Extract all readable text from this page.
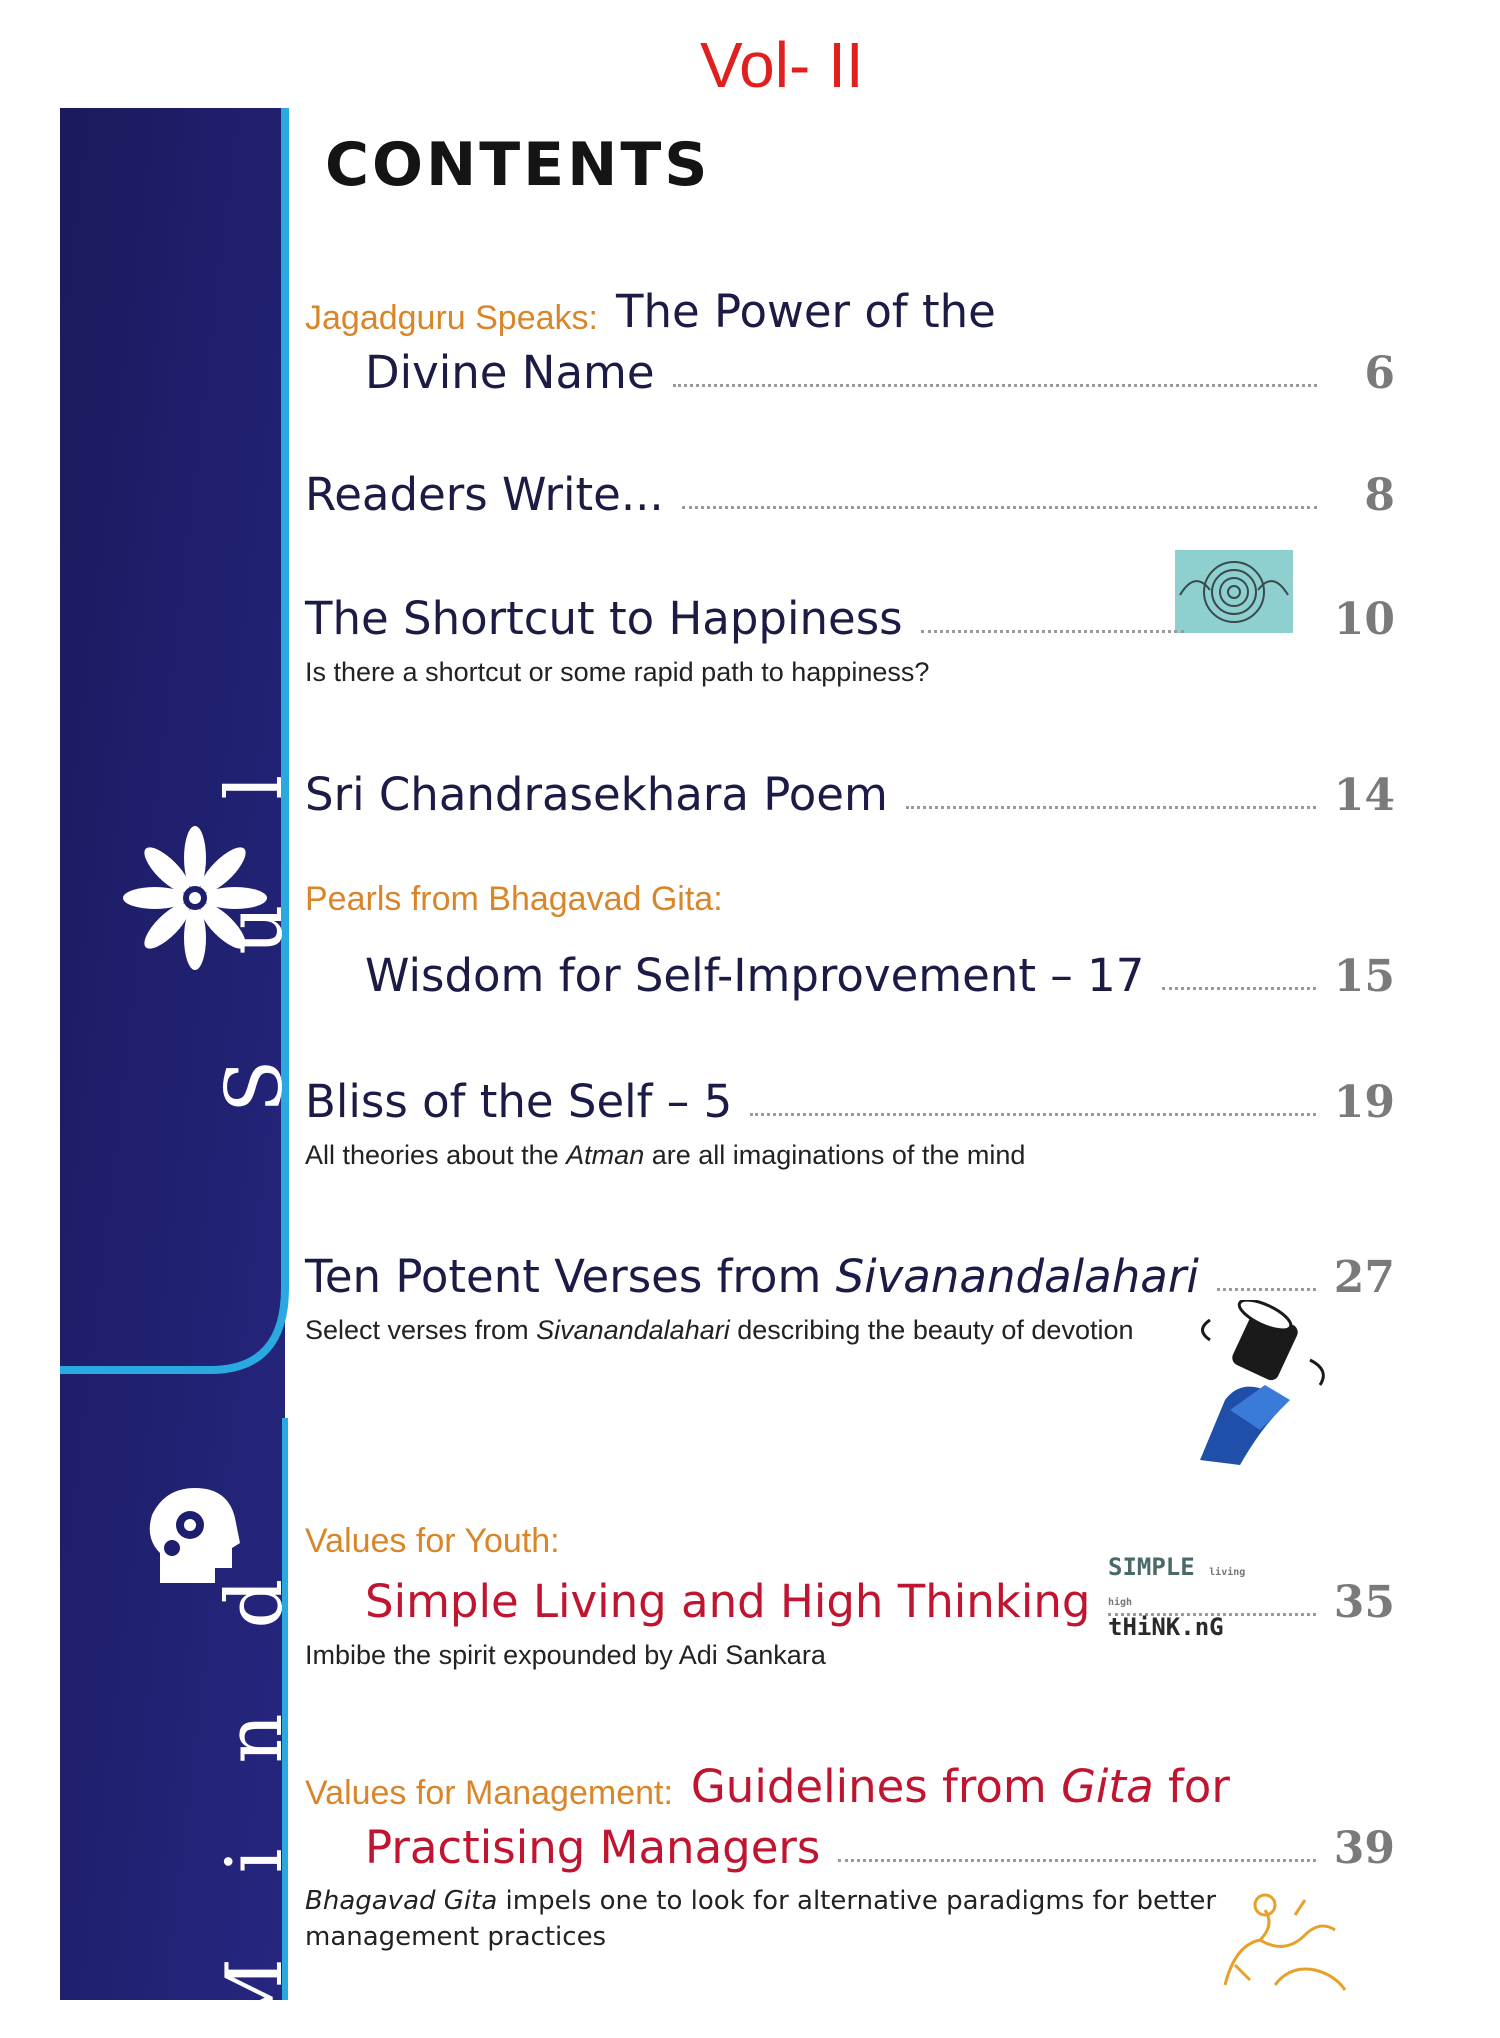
Vol- II
S u l
M i n d
CONTENTS
Jagadguru Speaks: The Power of the
Divine Name	6
Readers Write...	8
The Shortcut to Happiness	10
Is there a shortcut or some rapid path to happiness?
Sri Chandrasekhara Poem	14
Pearls from Bhagavad Gita:
Wisdom for Self-Improvement – 17	15
Bliss of the Self – 5	19
All theories about the Atman are all imaginations of the mind
Ten Potent Verses from Sivanandalahari	27
Select verses from Sivanandalahari describing the beauty of devotion
Values for Youth:
Simple Living and High Thinking	35
Imbibe the spirit expounded by Adi Sankara
SIMPLE living
high tHiNK.nG
Values for Management: Guidelines from Gita for
Practising Managers	39
Bhagavad Gita impels one to look for alternative paradigms for better
management practices
